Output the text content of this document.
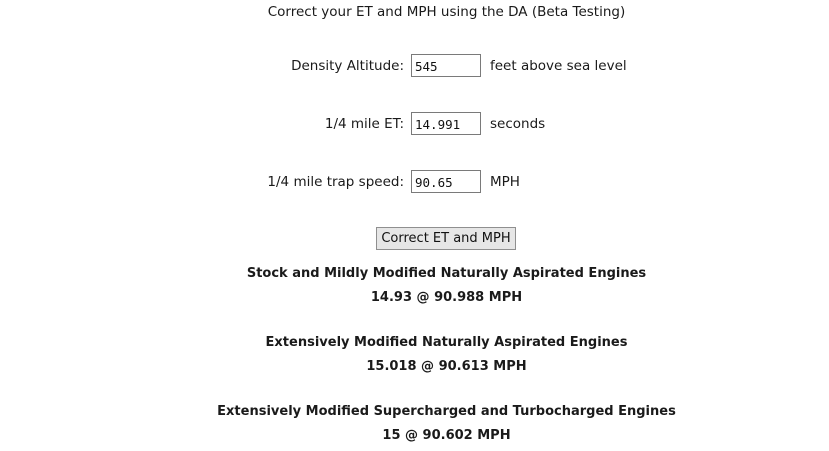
Correct your ET and MPH using the DA (Beta Testing)
Density Altitude:
545	feet above sea level
1/4 mile ET:
14.991	seconds
1/4 mile trap speed:
90.65	MPH
Correct ET and MPH
Stock and Mildly Modified Naturally Aspirated Engines
14.93 @ 90.988 MPH
Extensively Modified Naturally Aspirated Engines
15.018 @ 90.613 MPH
Extensively Modified Supercharged and Turbocharged Engines
15 @ 90.602 MPH
